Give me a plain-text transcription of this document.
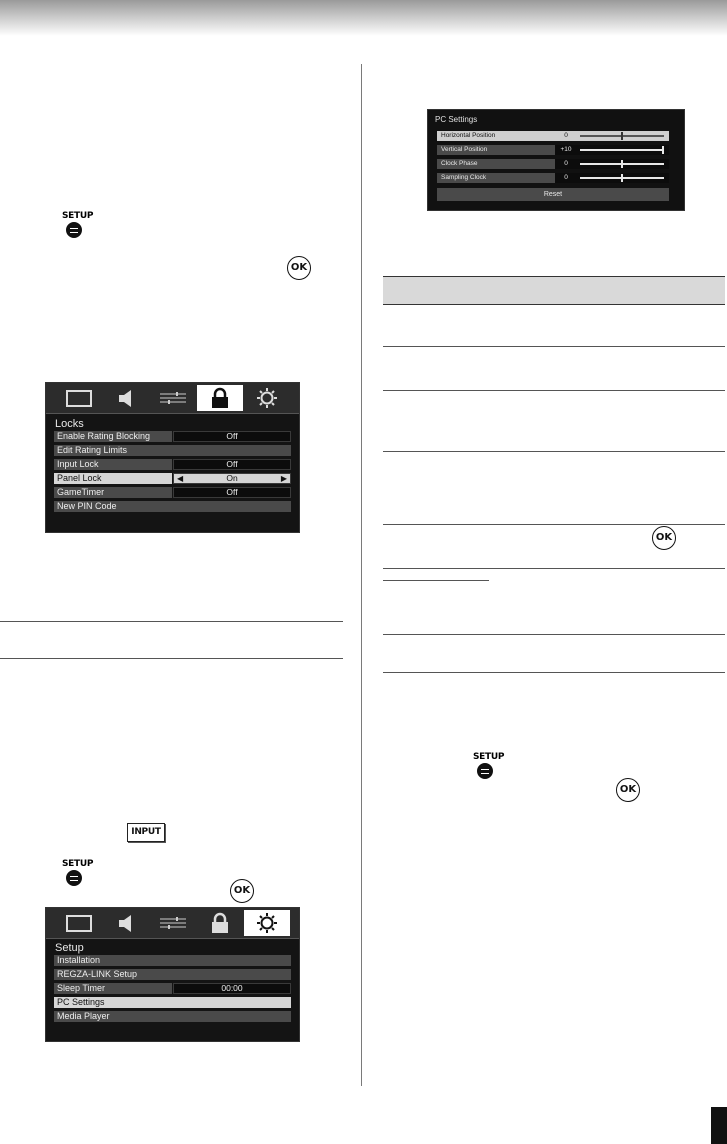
SETUP
OK
Locks
Enable Rating Blocking	Off
Edit Rating Limits
Input Lock	Off
Panel Lock	◀	On	▶
GameTimer	Off
New PIN Code
INPUT
SETUP
OK
Setup
Installation
REGZA-LINK Setup
Sleep Timer	00:00
PC Settings
Media Player
PC Settings
Horizontal Position	0
Vertical Position	+10
Clock Phase	0
Sampling Clock	0
Reset
OK
SETUP
OK
